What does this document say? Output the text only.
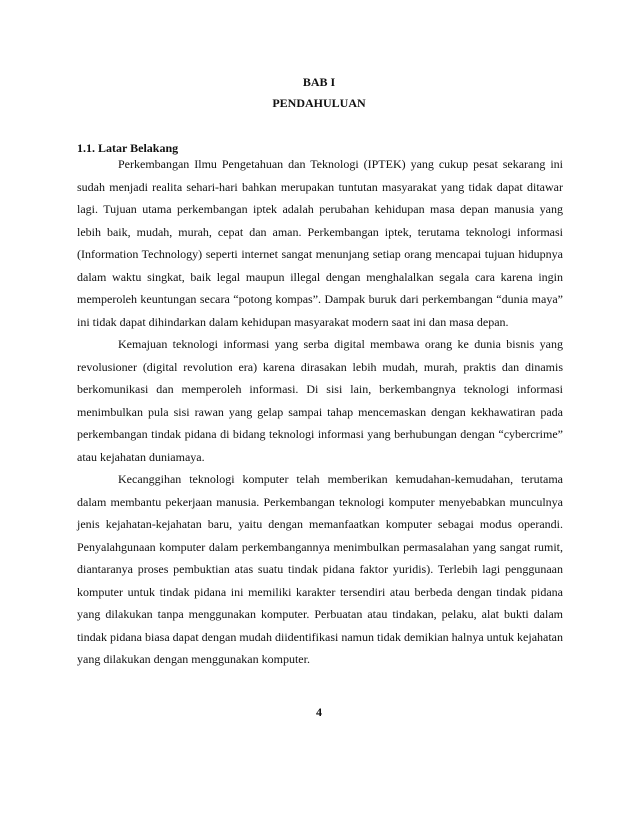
BAB I
PENDAHULUAN
1.1. Latar Belakang

Perkembangan Ilmu Pengetahuan dan Teknologi (IPTEK) yang cukup pesat sekarang ini sudah menjadi realita sehari-hari bahkan merupakan tuntutan masyarakat yang tidak dapat ditawar lagi. Tujuan utama perkembangan iptek adalah perubahan kehidupan masa depan manusia yang lebih baik, mudah, murah, cepat dan aman. Perkembangan iptek, terutama teknologi informasi (Information Technology) seperti internet sangat menunjang setiap orang mencapai tujuan hidupnya dalam waktu singkat, baik legal maupun illegal dengan menghalalkan segala cara karena ingin memperoleh keuntungan secara “potong kompas”. Dampak buruk dari perkembangan “dunia maya” ini tidak dapat dihindarkan dalam kehidupan masyarakat modern saat ini dan masa depan.

Kemajuan teknologi informasi yang serba digital membawa orang ke dunia bisnis yang revolusioner (digital revolution era) karena dirasakan lebih mudah, murah, praktis dan dinamis berkomunikasi dan memperoleh informasi. Di sisi lain, berkembangnya teknologi informasi menimbulkan pula sisi rawan yang gelap sampai tahap mencemaskan dengan kekhawatiran pada perkembangan tindak pidana di bidang teknologi informasi yang berhubungan dengan “cybercrime” atau kejahatan duniamaya.

Kecanggihan teknologi komputer telah memberikan kemudahan-kemudahan, terutama dalam membantu pekerjaan manusia. Perkembangan teknologi komputer menyebabkan munculnya jenis kejahatan-kejahatan baru, yaitu dengan memanfaatkan komputer sebagai modus operandi. Penyalahgunaan komputer dalam perkembangannya menimbulkan permasalahan yang sangat rumit, diantaranya proses pembuktian atas suatu tindak pidana faktor yuridis). Terlebih lagi penggunaan komputer untuk tindak pidana ini memiliki karakter tersendiri atau berbeda dengan tindak pidana yang dilakukan tanpa menggunakan komputer. Perbuatan atau tindakan, pelaku, alat bukti dalam tindak pidana biasa dapat dengan mudah diidentifikasi namun tidak demikian halnya untuk kejahatan yang dilakukan dengan menggunakan komputer.

4
